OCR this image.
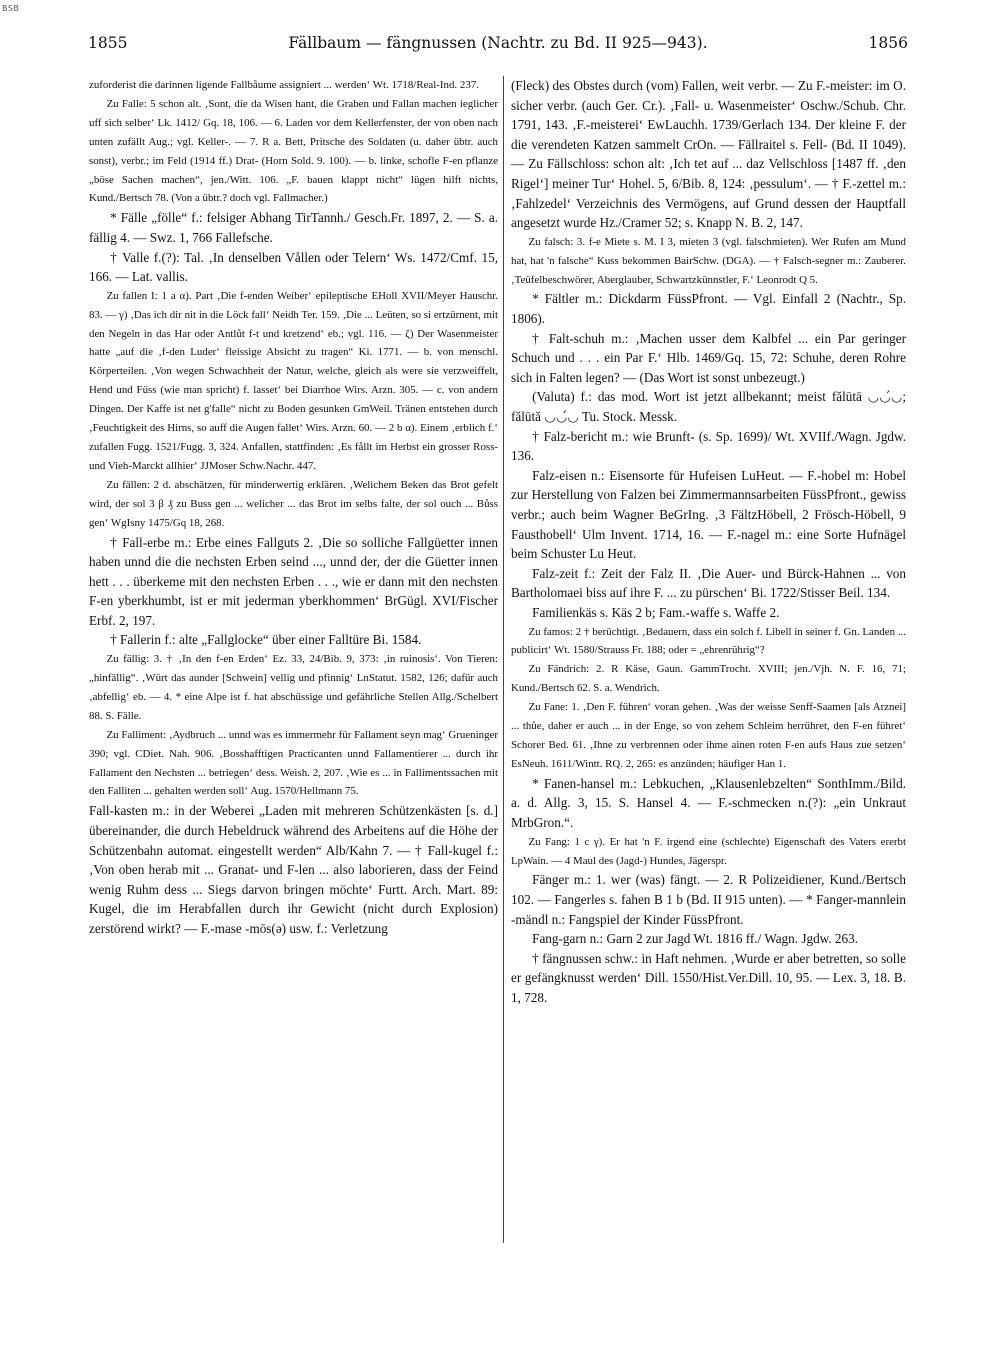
BSB
1855	Fällbaum — fängnussen (Nachtr. zu Bd. II 925—943).	1856

zuforderist die darinnen ligende Fallbåume assigniert ... werden‘ Wt. 1718/Real-Ind. 237.

Zu Falle: 5 schon alt. ‚Sont, die da Wisen hant, die Graben und Fallan machen ieglicher uff sich selber‘ Lk. 1412/ Gq. 18, 106. — 6. Laden vor dem Kellerfenster, der von oben nach unten zufällt Aug.; vgl. Keller-. — 7. R a. Bett, Pritsche des Soldaten (u. daher übtr. auch sonst), verbr.; im Feld (1914 ff.) Drat- (Horn Sold. 9. 100). — b. linke, schofle F-en pflanze „böse Sachen machen“, jen./Witt. 106. „F. bauen klappt nicht“ lügen hilft nichts, Kund./Bertsch 78. (Von a übtr.? doch vgl. Fallmacher.)

* Fälle „fölle“ f.: felsiger Abhang TirTannh./ Gesch.Fr. 1897, 2. — S. a. fällig 4. — Swz. 1, 766 Fallefsche.

† Valle f.(?): Tal. ‚In denselben Vållen oder Telern‘ Ws. 1472/Cmf. 15, 166. — Lat. vallis.

Zu fallen I: 1 a α). Part ‚Die f-enden Weiber‘ epileptische EHoll XVII/Meyer Hauschr. 83. — γ) ‚Das ich dir nit in die Löck fall‘ Neidh Ter. 159. ‚Die ... Leüten, so si ertzürnent, mit den Negeln in das Har oder Antlůt f-t und kretzend‘ eb.; vgl. 116. — ζ) Der Wasenmeister hatte „auf die ‚f-den Luder‘ fleissige Absicht zu tragen“ Ki. 1771. — b. von menschl. Körperteilen. ‚Von wegen Schwachheit der Natur, welche, gleich als were sie verzweiffelt, Hend und Füss (wie man spricht) f. lasset‘ bei Diarrhoe Wirs. Arzn. 305. — c. von andern Dingen. Der Kaffe ist net g'falle“ nicht zu Boden gesunken GmWeil. Tränen entstehen durch ‚Feuchtigkeit des Hirns, so auff die Augen fallet‘ Wirs. Arzn. 60. — 2 b α). Einem ‚erblich f.‘ zufallen Fugg. 1521/Fugg. 3, 324. Anfallen, stattfinden: ‚Es fållt im Herbst ein grosser Ross- und Vieh-Marckt allhier‘ JJMoser Schw.Nachr. 447.

Zu fällen: 2 d. abschätzen, für minderwertig erklären. ‚Welichem Beken das Brot gefelt wird, der sol 3 β ₰ zu Buss gen ... welicher ... das Brot im selbs falte, der sol ouch ... Bůss gen‘ WgIsny 1475/Gq 18, 268.

† Fall-erbe m.: Erbe eines Fallguts 2. ‚Die so solliche Fallgüetter innen haben unnd die die nechsten Erben seind ..., unnd der, der die Güetter innen hett . . . überkeme mit den nechsten Erben . . ., wie er dann mit den nechsten F-en yberkhumbt, ist er mit jederman yberkhommen‘ BrGügl. XVI/Fischer Erbf. 2, 197.

† Fallerin f.: alte „Fallglocke“ über einer Falltüre Bi. 1584.

Zu fällig: 3. † ‚In den f-en Erden‘ Ez. 33, 24/Bib. 9, 373: ‚in ruinosis‘. Von Tieren: „hinfällig“. ‚Würt das aunder [Schwein] vellig und pfinnig‘ LnStatut. 1582, 126; dafür auch ‚abfellig‘ eb. — 4. * eine Alpe ist f. hat abschüssige und gefährliche Stellen Allg./Schelbert 88. S. Fälle.

Zu Falliment: ‚Aydbruch ... unnd was es immermehr für Fallament seyn mag‘ Grueninger 390; vgl. CDiet. Nah. 906. ‚Bosshafftigen Practicanten unnd Fallamentierer ... durch ihr Fallament den Nechsten ... betriegen‘ dess. Weish. 2, 207. ‚Wie es ... in Fallimentssachen mit den Falliten ... gehalten werden soll‘ Aug. 1570/Hellmann 75.

Fall-kasten m.: in der Weberei „Laden mit mehreren Schützenkästen [s. d.] übereinander, die durch Hebeldruck während des Arbeitens auf die Höhe der Schützenbahn automat. eingestellt werden“ Alb/Kahn 7. — † Fall-kugel f.: ‚Von oben herab mit ... Granat- und F-len ... also laborieren, dass der Feind wenig Ruhm dess ... Siegs darvon bringen möchte‘ Furtt. Arch. Mart. 89: Kugel, die im Herabfallen durch ihr Gewicht (nicht durch Explosion) zerstörend wirkt? — F.-mase -mōs(ə) usw. f.: Verletzung

(Fleck) des Obstes durch (vom) Fallen, weit verbr. — Zu F.-meister: im O. sicher verbr. (auch Ger. Cr.). ‚Fall- u. Wasenmeister‘ Oschw./Schub. Chr. 1791, 143. ‚F.-meisterei‘ EwLauchh. 1739/Gerlach 134. Der kleine F. der die verendeten Katzen sammelt CrOn. — Fällraitel s. Fell- (Bd. II 1049). — Zu Fällschloss: schon alt: ‚Ich tet auf ... daz Vellschloss [1487 ff. ‚den Rigel‘] meiner Tur‘ Hohel. 5, 6/Bib. 8, 124: ‚pessulum‘. — † F.-zettel m.: ‚Fahlzedel‘ Verzeichnis des Vermögens, auf Grund dessen der Hauptfall angesetzt wurde Hz./Cramer 52; s. Knapp N. B. 2, 147.

Zu falsch: 3. f-e Miete s. M. I 3, mieten 3 (vgl. falschmieten). Wer Rufen am Mund hat, hat 'n falsche“ Kuss bekommen BairSchw. (DGA). — † Falsch-segner m.: Zauberer. ‚Teüfelbeschwörer, Aberglauber, Schwartzkünnstler, F.‘ Leonrodt Q 5.

* Fältler m.: Dickdarm FüssPfront. — Vgl. Einfall 2 (Nachtr., Sp. 1806).

† Falt-schuh m.: ‚Machen usser dem Kalbfel ... ein Par geringer Schuch und . . . ein Par F.‘ Hlb. 1469/Gq. 15, 72: Schuhe, deren Rohre sich in Falten legen? — (Das Wort ist sonst unbezeugt.)

(Valuta) f.: das mod. Wort ist jetzt allbekannt; meist fălūtā ◡◡́◡; fălūtă ◡◡́◡ Tu. Stock. Messk.

† Falz-bericht m.: wie Brunft- (s. Sp. 1699)/ Wt. XVIIf./Wagn. Jgdw. 136.

Falz-eisen n.: Eisensorte für Hufeisen LuHeut. — F.-hobel m: Hobel zur Herstellung von Falzen bei Zimmermannsarbeiten FüssPfront., gewiss verbr.; auch beim Wagner BeGrIng. ‚3 FältzHöbell, 2 Frösch-Höbell, 9 Fausthobell‘ Ulm Invent. 1714, 16. — F.-nagel m.: eine Sorte Hufnägel beim Schuster Lu Heut.

Falz-zeit f.: Zeit der Falz II. ‚Die Auer- und Bürck-Hahnen ... von Bartholomaei biss auf ihre F. ... zu pürschen‘ Bi. 1722/Stisser Beil. 134.

Familienkäs s. Käs 2 b; Fam.-waffe s. Waffe 2.

Zu famos: 2 † berüchtigt. ‚Bedauern, dass ein solch f. Libell in seiner f. Gn. Landen ... publicirt‘ Wt. 1580/Strauss Fr. 188; oder = „ehrenrührig“?

Zu Fändrich: 2. R Käse, Gaun. GammTrocht. XVIII; jen./Vjh. N. F. 16, 71; Kund./Bertsch 62. S. a. Wendrich.

Zu Fane: 1. ‚Den F. führen‘ voran gehen. ‚Was der weisse Senff-Saamen [als Arznei] ... thůe, daher er auch ... in der Enge, so von zehem Schleim herrühret, den F-en führet‘ Schorer Bed. 61. ‚Ihne zu verbrennen oder ihme ainen roten F-en aufs Haus zue setzen‘ EsNeuh. 1611/Wintt. RQ. 2, 265: es anzünden; häufiger Han 1.

* Fanen-hansel m.: Lebkuchen, „Klausenlebzelten“ SonthImm./Bild. a. d. Allg. 3, 15. S. Hansel 4. — F.-schmecken n.(?): „ein Unkraut MrbGron.“.

Zu Fang: 1 c γ). Er hat 'n F. irgend eine (schlechte) Eigenschaft des Vaters ererbt LpWain. — 4 Maul des (Jagd-) Hundes, Jägerspr.

Fänger m.: 1. wer (was) fängt. — 2. R Polizeidiener, Kund./Bertsch 102. — Fangerles s. fahen B 1 b (Bd. II 915 unten). — * Fanger-mannlein -mändl n.: Fangspiel der Kinder FüssPfront.

Fang-garn n.: Garn 2 zur Jagd Wt. 1816 ff./ Wagn. Jgdw. 263.

† fängnussen schw.: in Haft nehmen. ‚Wurde er aber betretten, so solle er gefängknusst werden‘ Dill. 1550/Hist.Ver.Dill. 10, 95. — Lex. 3, 18. B. 1, 728.
